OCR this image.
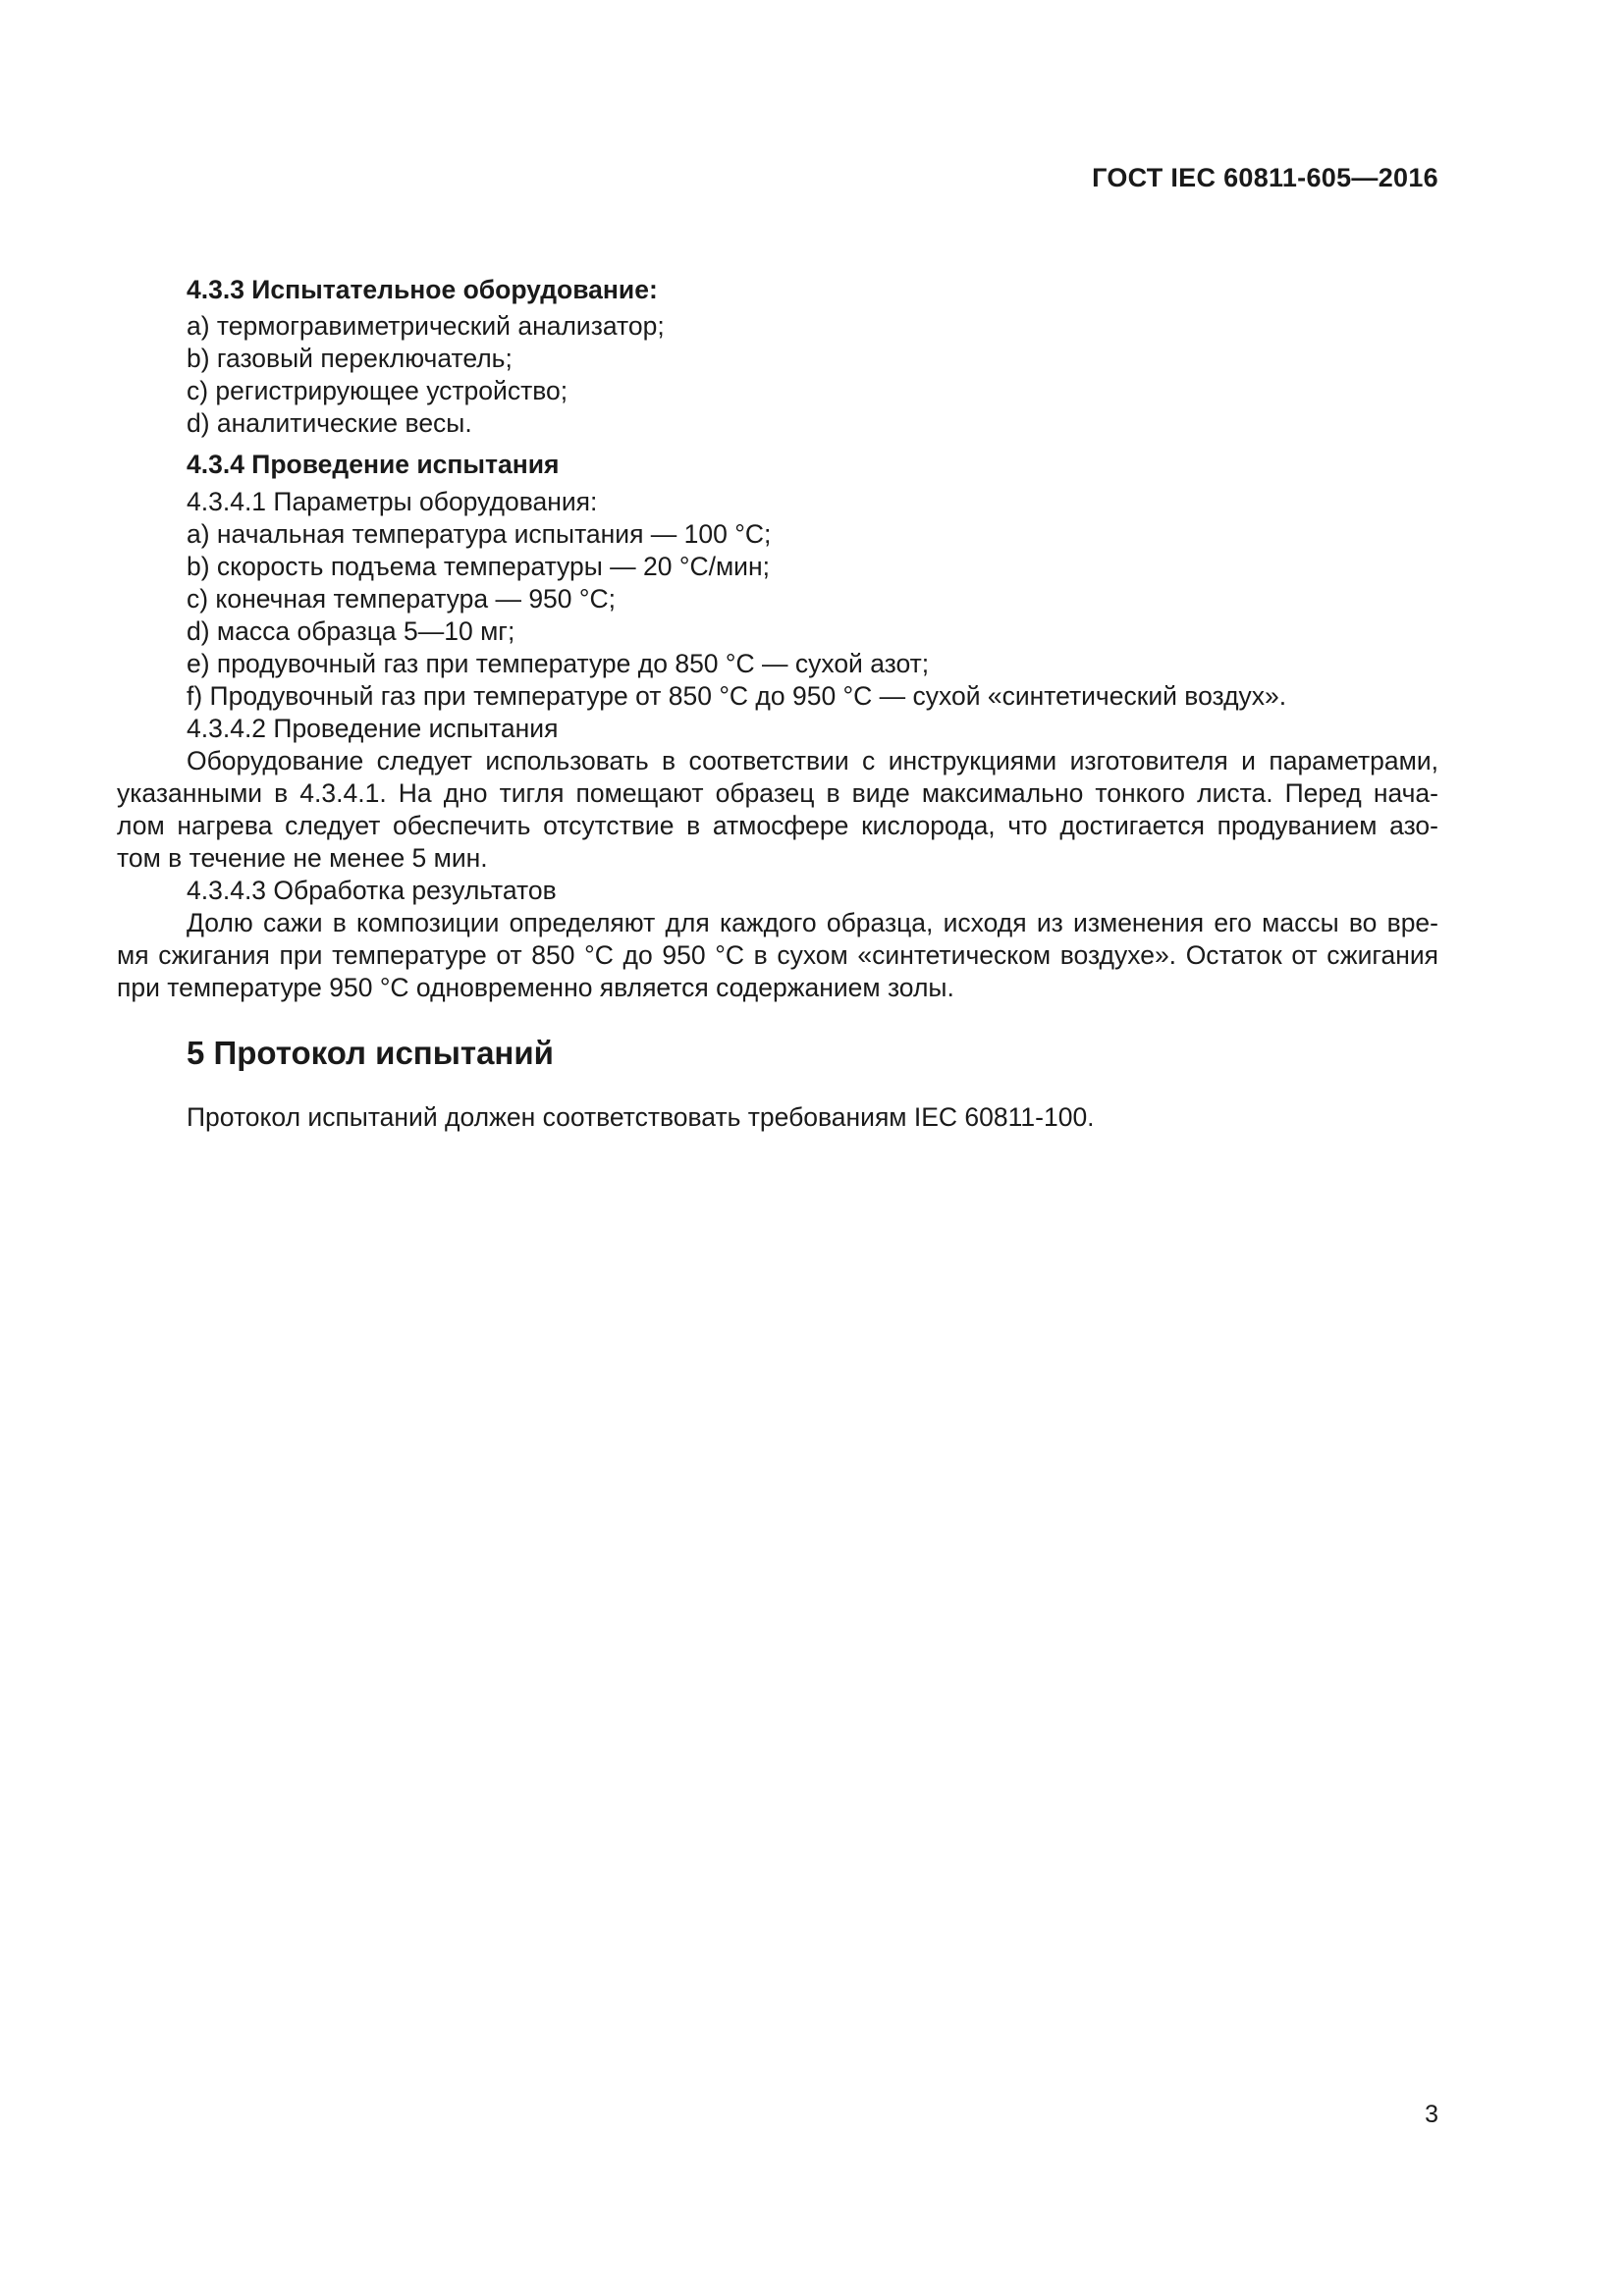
ГОСТ IEC 60811-605—2016
4.3.3 Испытательное оборудование:
a) термогравиметрический анализатор;
b) газовый переключатель;
c) регистрирующее устройство;
d) аналитические весы.
4.3.4 Проведение испытания
4.3.4.1 Параметры оборудования:
a) начальная температура испытания — 100 °C;
b) скорость подъема температуры — 20 °C/мин;
c) конечная температура — 950 °C;
d) масса образца 5—10 мг;
e) продувочный газ при температуре до 850 °C — сухой азот;
f) Продувочный газ при температуре от 850 °C до 950 °C — сухой «синтетический воздух».
4.3.4.2 Проведение испытания
Оборудование следует использовать в соответствии с инструкциями изготовителя и параметрами,
указанными в 4.3.4.1. На дно тигля помещают образец в виде максимально тонкого листа. Перед нача-
лом нагрева следует обеспечить отсутствие в атмосфере кислорода, что достигается продуванием азо-
том в течение не менее 5 мин.
4.3.4.3 Обработка результатов
Долю сажи в композиции определяют для каждого образца, исходя из изменения его массы во вре-
мя сжигания при температуре от 850 °C до 950 °C в сухом «синтетическом воздухе». Остаток от сжигания
при температуре 950 °C одновременно является содержанием золы.
5 Протокол испытаний
Протокол испытаний должен соответствовать требованиям IEC 60811-100.
3
